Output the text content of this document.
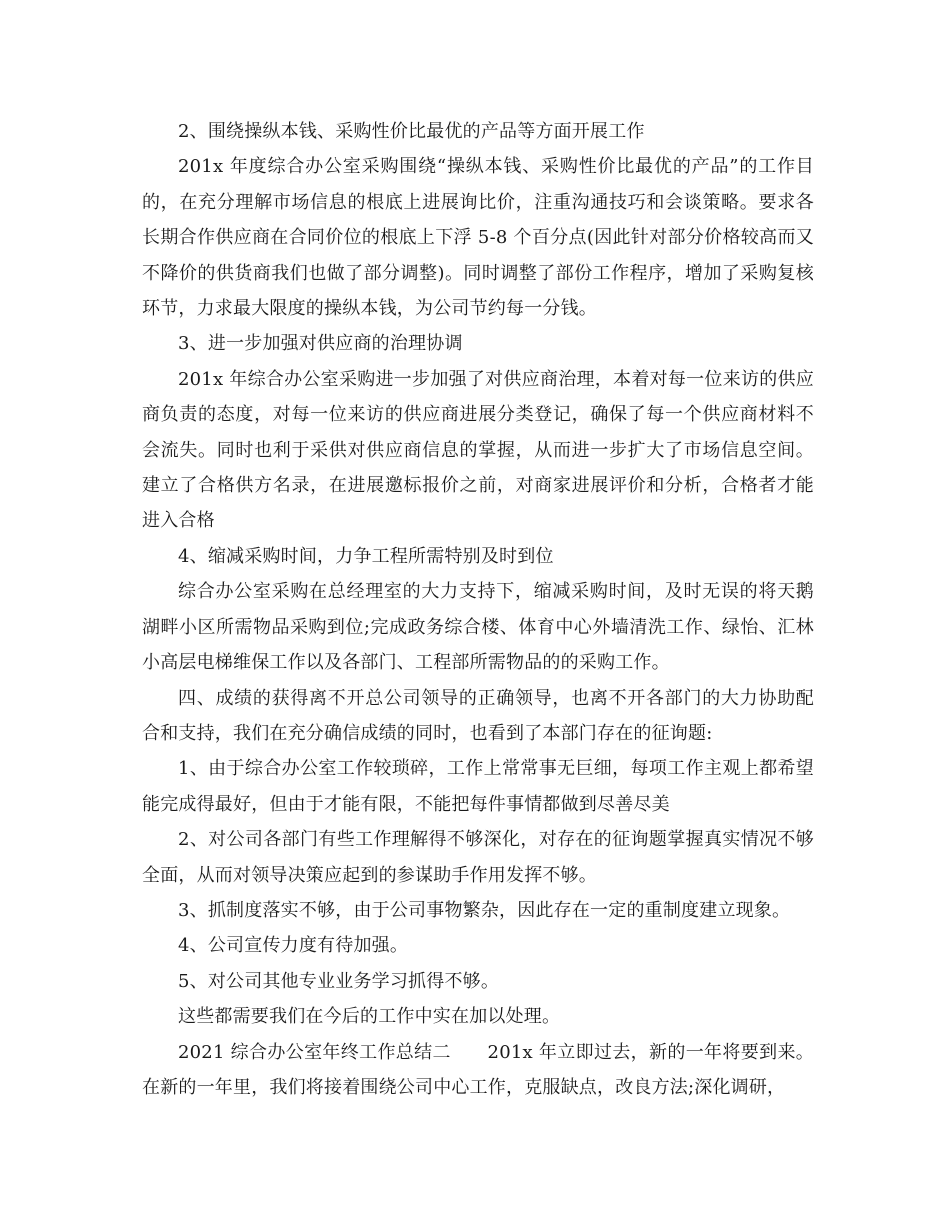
2、围绕操纵本钱、采购性价比最优的产品等方面开展工作

201x 年度综合办公室采购围绕“操纵本钱、采购性价比最优的产品”的工作目的，在充分理解市场信息的根底上进展询比价，注重沟通技巧和会谈策略。要求各长期合作供应商在合同价位的根底上下浮 5-8 个百分点(因此针对部分价格较高而又不降价的供货商我们也做了部分调整)。同时调整了部份工作程序，增加了采购复核环节，力求最大限度的操纵本钱，为公司节约每一分钱。

3、进一步加强对供应商的治理协调

201x 年综合办公室采购进一步加强了对供应商治理，本着对每一位来访的供应商负责的态度，对每一位来访的供应商进展分类登记，确保了每一个供应商材料不会流失。同时也利于采供对供应商信息的掌握，从而进一步扩大了市场信息空间。建立了合格供方名录，在进展邀标报价之前，对商家进展评价和分析，合格者才能进入合格

4、缩减采购时间，力争工程所需特别及时到位

综合办公室采购在总经理室的大力支持下，缩减采购时间，及时无误的将天鹅湖畔小区所需物品采购到位;完成政务综合楼、体育中心外墙清洗工作、绿怡、汇林小高层电梯维保工作以及各部门、工程部所需物品的的采购工作。

四、成绩的获得离不开总公司领导的正确领导，也离不开各部门的大力协助配合和支持，我们在充分确信成绩的同时，也看到了本部门存在的征询题:

1、由于综合办公室工作较琐碎，工作上常常事无巨细，每项工作主观上都希望能完成得最好，但由于才能有限，不能把每件事情都做到尽善尽美

2、对公司各部门有些工作理解得不够深化，对存在的征询题掌握真实情况不够全面，从而对领导决策应起到的参谋助手作用发挥不够。

3、抓制度落实不够，由于公司事物繁杂，因此存在一定的重制度建立现象。

4、公司宣传力度有待加强。

5、对公司其他专业业务学习抓得不够。

这些都需要我们在今后的工作中实在加以处理。

2021 综合办公室年终工作总结二　　201x 年立即过去，新的一年将要到来。在新的一年里，我们将接着围绕公司中心工作，克服缺点，改良方法;深化调研，
